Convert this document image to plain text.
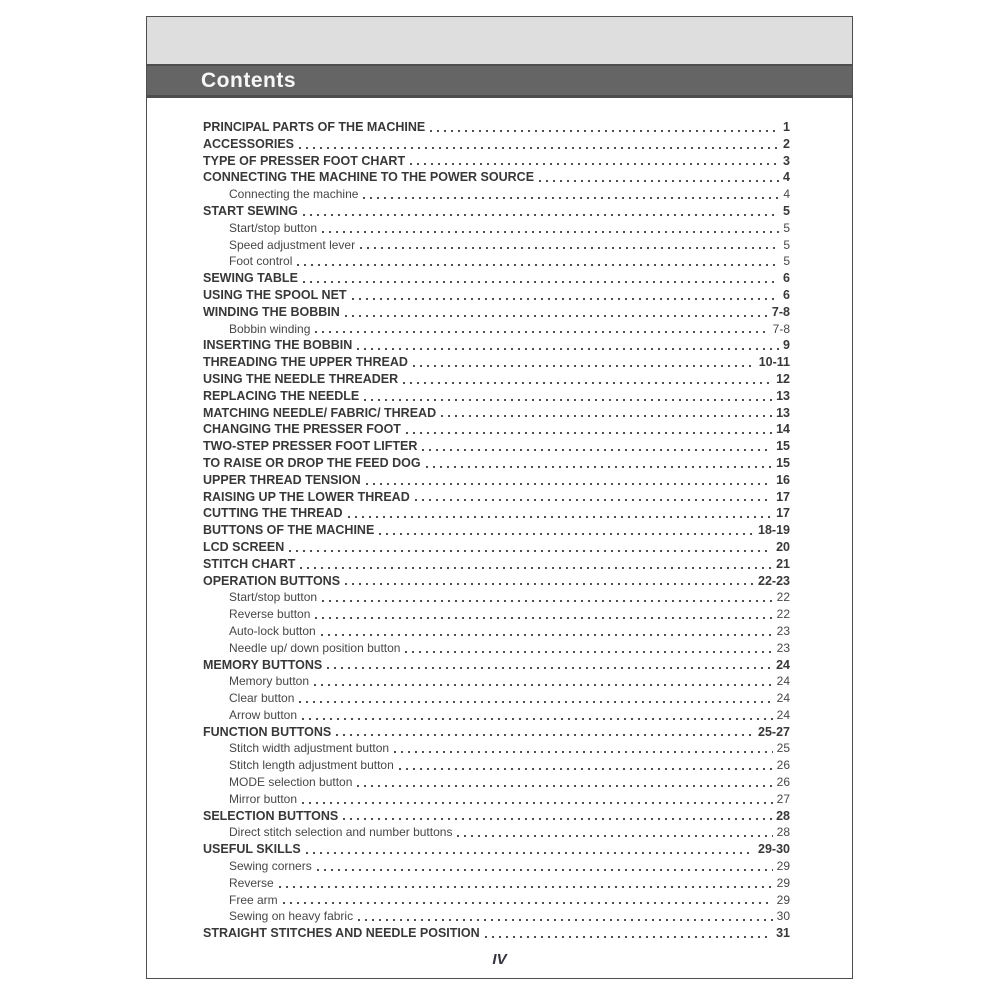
Contents
PRINCIPAL PARTS OF THE MACHINE	1
ACCESSORIES	2
TYPE OF PRESSER FOOT CHART	3
CONNECTING THE MACHINE TO THE POWER SOURCE	4
Connecting the machine	4
START SEWING	5
Start/stop button	5
Speed adjustment lever	5
Foot control	5
SEWING TABLE	6
USING THE SPOOL NET	6
WINDING THE BOBBIN	7-8
Bobbin winding	7-8
INSERTING THE BOBBIN	9
THREADING THE UPPER THREAD	10-11
USING THE NEEDLE THREADER	12
REPLACING THE NEEDLE	13
MATCHING NEEDLE/ FABRIC/ THREAD	13
CHANGING THE PRESSER FOOT	14
TWO-STEP PRESSER FOOT LIFTER	15
TO RAISE OR DROP THE FEED DOG	15
UPPER THREAD TENSION	16
RAISING UP THE LOWER THREAD	17
CUTTING THE THREAD	17
BUTTONS OF THE MACHINE	18-19
LCD SCREEN	20
STITCH CHART	21
OPERATION BUTTONS	22-23
Start/stop button	22
Reverse button	22
Auto-lock button	23
Needle up/ down position button	23
MEMORY BUTTONS	24
Memory button	24
Clear button	24
Arrow button	24
FUNCTION BUTTONS	25-27
Stitch width adjustment button	25
Stitch length adjustment button	26
MODE selection button	26
Mirror button	27
SELECTION BUTTONS	28
Direct stitch selection and number buttons	28
USEFUL SKILLS	29-30
Sewing corners	29
Reverse	29
Free arm	29
Sewing on heavy fabric	30
STRAIGHT STITCHES AND NEEDLE POSITION	31
IV
